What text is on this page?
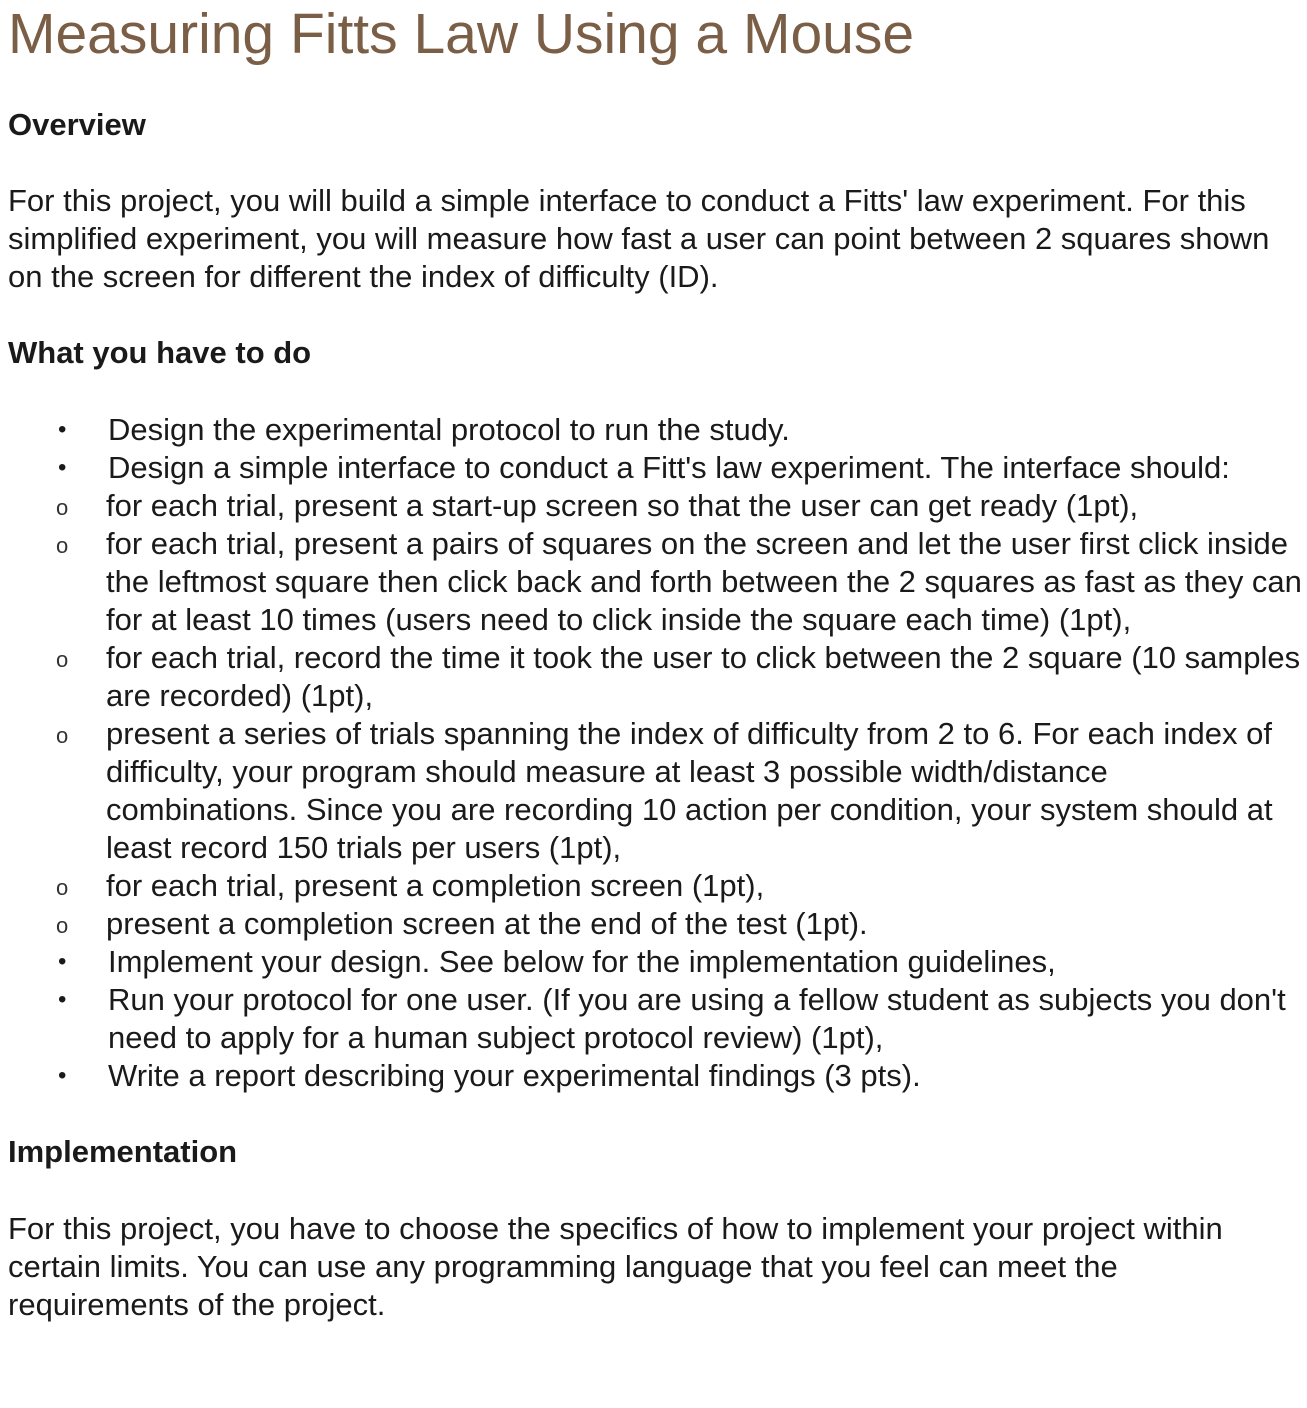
Measuring Fitts Law Using a Mouse
Overview

For this project, you will build a simple interface to conduct a Fitts' law experiment. For this simplified experiment, you will measure how fast a user can point between 2 squares shown on the screen for different the index of difficulty (ID).

What you have to do
•	Design the experimental protocol to run the study.
•	Design a simple interface to conduct a Fitt's law experiment. The interface should:
o for each trial, present a start-up screen so that the user can get ready (1pt),
o for each trial, present a pairs of squares on the screen and let the user first click inside the leftmost square then click back and forth between the 2 squares as fast as they can for at least 10 times (users need to click inside the square each time) (1pt),
o for each trial, record the time it took the user to click between the 2 square (10 samples are recorded) (1pt),
o present a series of trials spanning the index of difficulty from 2 to 6. For each index of difficulty, your program should measure at least 3 possible width/distance combinations. Since you are recording 10 action per condition, your system should at least record 150 trials per users (1pt),
o for each trial, present a completion screen (1pt),
o present a completion screen at the end of the test (1pt).
•	Implement your design. See below for the implementation guidelines,
•	Run your protocol for one user. (If you are using a fellow student as subjects you don't need to apply for a human subject protocol review) (1pt),
•	Write a report describing your experimental findings (3 pts).
Implementation

For this project, you have to choose the specifics of how to implement your project within certain limits. You can use any programming language that you feel can meet the requirements of the project.
